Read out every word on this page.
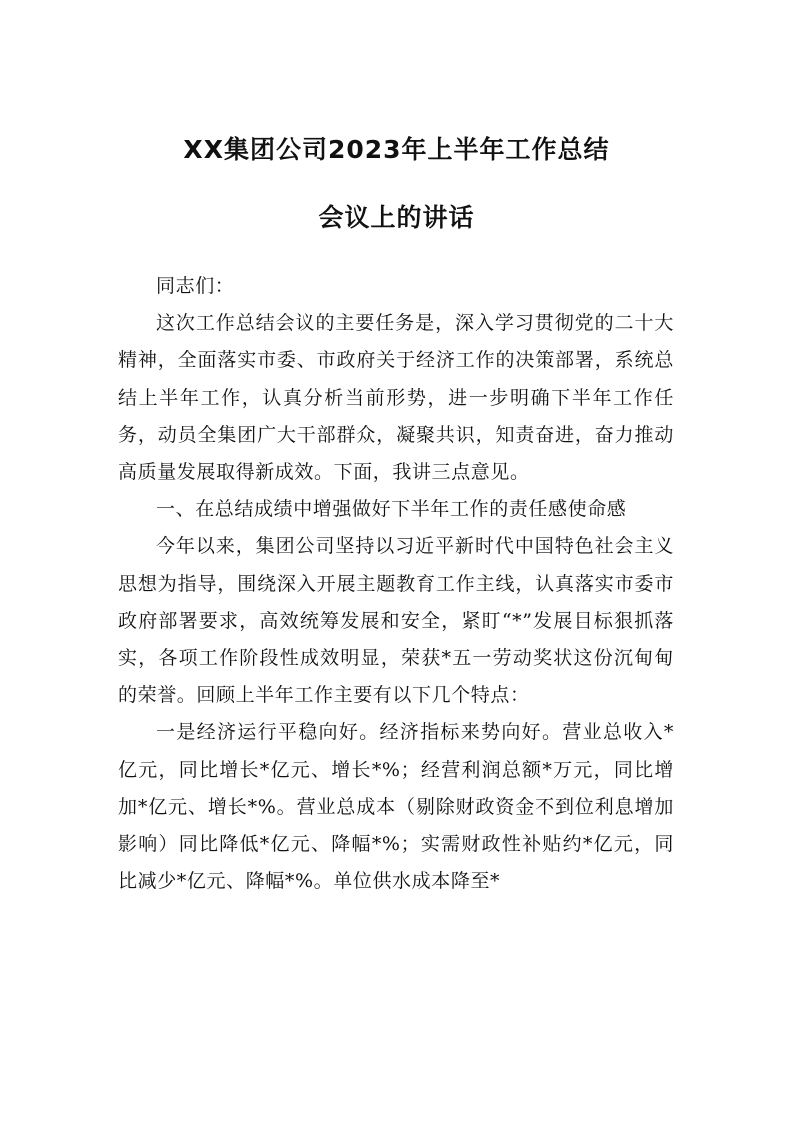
XX集团公司2023年上半年工作总结
会议上的讲话

同志们：

这次工作总结会议的主要任务是，深入学习贯彻党的二十大精神，全面落实市委、市政府关于经济工作的决策部署，系统总结上半年工作，认真分析当前形势，进一步明确下半年工作任务，动员全集团广大干部群众，凝聚共识，知责奋进，奋力推动高质量发展取得新成效。下面，我讲三点意见。

一、在总结成绩中增强做好下半年工作的责任感使命感

今年以来，集团公司坚持以习近平新时代中国特色社会主义思想为指导，围绕深入开展主题教育工作主线，认真落实市委市政府部署要求，高效统筹发展和安全，紧盯“*”发展目标狠抓落实，各项工作阶段性成效明显，荣获*五一劳动奖状这份沉甸甸的荣誉。回顾上半年工作主要有以下几个特点：

一是经济运行平稳向好。经济指标来势向好。营业总收入*亿元，同比增长*亿元、增长*%；经营利润总额*万元，同比增加*亿元、增长*%。营业总成本（剔除财政资金不到位利息增加影响）同比降低*亿元、降幅*%；实需财政性补贴约*亿元，同比减少*亿元、降幅*%。单位供水成本降至*
